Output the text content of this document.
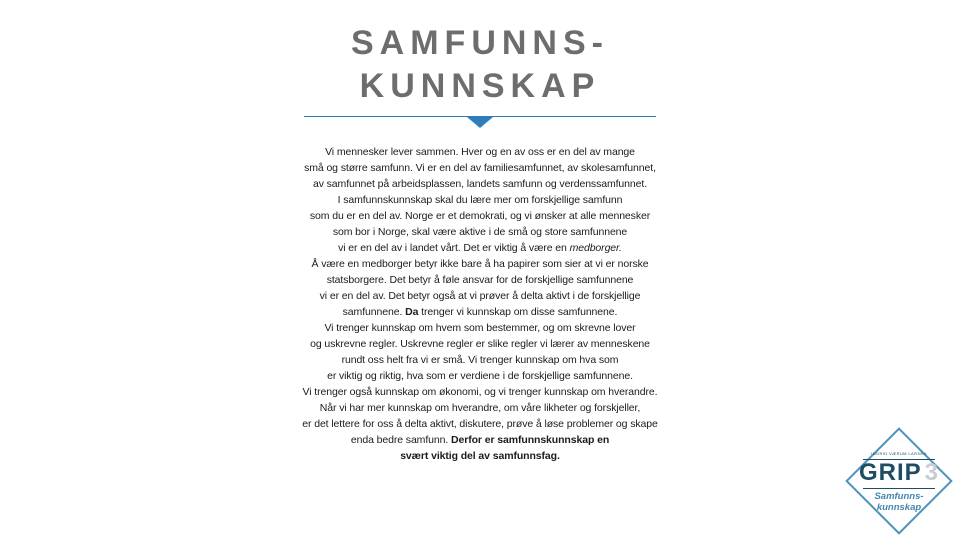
SAMFUNNS-
KUNNSKAP
Vi mennesker lever sammen. Hver og en av oss er en del av mange
små og større samfunn. Vi er en del av familiesamfunnet, av skolesamfunnet,
av samfunnet på arbeidsplassen, landets samfunn og verdenssamfunnet.
I samfunnskunnskap skal du lære mer om forskjellige samfunn
som du er en del av. Norge er et demokrati, og vi ønsker at alle mennesker
som bor i Norge, skal være aktive i de små og store samfunnene
vi er en del av i landet vårt. Det er viktig å være en medborger.
Å være en medborger betyr ikke bare å ha papirer som sier at vi er norske
statsborgere. Det betyr å føle ansvar for de forskjellige samfunnene
vi er en del av. Det betyr også at vi prøver å delta aktivt i de forskjellige
samfunnene. Da trenger vi kunnskap om disse samfunnene.
Vi trenger kunnskap om hvem som bestemmer, og om skrevne lover
og uskrevne regler. Uskrevne regler er slike regler vi lærer av menneskene
rundt oss helt fra vi er små. Vi trenger kunnskap om hva som
er viktig og riktig, hva som er verdiene i de forskjellige samfunnene.
Vi trenger også kunnskap om økonomi, og vi trenger kunnskap om hverandre.
Når vi har mer kunnskap om hverandre, om våre likheter og forskjeller,
er det lettere for oss å delta aktivt, diskutere, prøve å løse problemer og skape
enda bedre samfunn. Derfor er samfunnskunnskap en
svært viktig del av samfunnsfag.	INGRID VÆRUM LARSEN
GRIP 3
Samfunns-
kunnskap
